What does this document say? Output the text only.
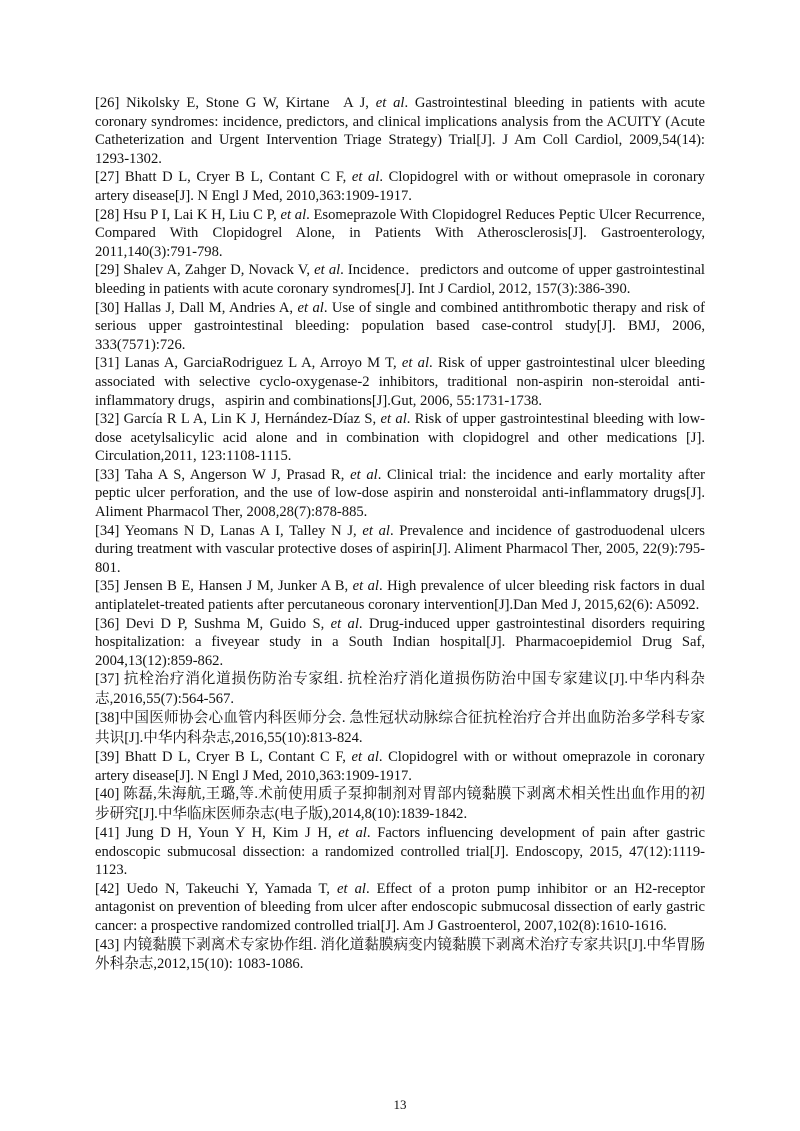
[26] Nikolsky E, Stone G W, Kirtane  A J, et al. Gastrointestinal bleeding in patients with acute coronary syndromes: incidence, predictors, and clinical implications analysis from the ACUITY (Acute Catheterization and Urgent Intervention Triage Strategy) Trial[J]. J Am Coll Cardiol, 2009,54(14): 1293-1302.
[27] Bhatt D L, Cryer B L, Contant C F, et al. Clopidogrel with or without omeprasole in coronary artery disease[J]. N Engl J Med, 2010,363:1909-1917.
[28] Hsu P I, Lai K H, Liu C P, et al. Esomeprazole With Clopidogrel Reduces Peptic Ulcer Recurrence, Compared With Clopidogrel Alone, in Patients With Atherosclerosis[J]. Gastroenterology, 2011,140(3):791-798.
[29] Shalev A, Zahger D, Novack V, et al. Incidence．predictors and outcome of upper gastrointestinal bleeding in patients with acute coronary syndromes[J]. Int J Cardiol, 2012, 157(3):386-390.
[30] Hallas J, Dall M, Andries A, et al. Use of single and combined antithrombotic therapy and risk of serious upper gastrointestinal bleeding: population based case-control study[J]. BMJ, 2006, 333(7571):726.
[31] Lanas A, GarciaRodriguez L A, Arroyo M T, et al. Risk of upper gastrointestinal ulcer bleeding associated with selective cyclo-oxygenase-2 inhibitors, traditional non-aspirin non-steroidal anti-inflammatory drugs，aspirin and combinations[J].Gut, 2006, 55:1731-1738.
[32] García R L A, Lin K J, Hernández-Díaz S, et al. Risk of upper gastrointestinal bleeding with low-dose acetylsalicylic acid alone and in combination with clopidogrel and other medications [J]. Circulation,2011, 123:1108-1115.
[33] Taha A S, Angerson W J, Prasad R, et al. Clinical trial: the incidence and early mortality after peptic ulcer perforation, and the use of low-dose aspirin and nonsteroidal anti-inflammatory drugs[J]. Aliment Pharmacol Ther, 2008,28(7):878-885.
[34] Yeomans N D, Lanas A I, Talley N J, et al. Prevalence and incidence of gastroduodenal ulcers during treatment with vascular protective doses of aspirin[J]. Aliment Pharmacol Ther, 2005, 22(9):795-801.
[35] Jensen B E, Hansen J M, Junker A B, et al. High prevalence of ulcer bleeding risk factors in dual antiplatelet-treated patients after percutaneous coronary intervention[J].Dan Med J, 2015,62(6): A5092.
[36] Devi D P, Sushma M, Guido S, et al. Drug-induced upper gastrointestinal disorders requiring hospitalization: a fiveyear study in a South Indian hospital[J]. Pharmacoepidemiol Drug Saf, 2004,13(12):859-862.
[37] 抗栓治疗消化道损伤防治专家组. 抗栓治疗消化道损伤防治中国专家建议[J].中华内科杂志,2016,55(7):564-567.
[38]中国医师协会心血管内科医师分会. 急性冠状动脉综合征抗栓治疗合并出血防治多学科专家共识[J].中华内科杂志,2016,55(10):813-824.
[39] Bhatt D L, Cryer B L, Contant C F, et al. Clopidogrel with or without omeprazole in coronary artery disease[J]. N Engl J Med, 2010,363:1909-1917.
[40] 陈磊,朱海航,王璐,等.术前使用质子泵抑制剂对胃部内镜黏膜下剥离术相关性出血作用的初步研究[J].中华临床医师杂志(电子版),2014,8(10):1839-1842.
[41] Jung D H, Youn Y H, Kim J H, et al. Factors influencing development of pain after gastric endoscopic submucosal dissection: a randomized controlled trial[J]. Endoscopy, 2015, 47(12):1119-1123.
[42] Uedo N, Takeuchi Y, Yamada T, et al. Effect of a proton pump inhibitor or an H2-receptor antagonist on prevention of bleeding from ulcer after endoscopic submucosal dissection of early gastric cancer: a prospective randomized controlled trial[J]. Am J Gastroenterol, 2007,102(8):1610-1616.
[43] 内镜黏膜下剥离术专家协作组. 消化道黏膜病变内镜黏膜下剥离术治疗专家共识[J].中华胃肠外科杂志,2012,15(10): 1083-1086.
13
